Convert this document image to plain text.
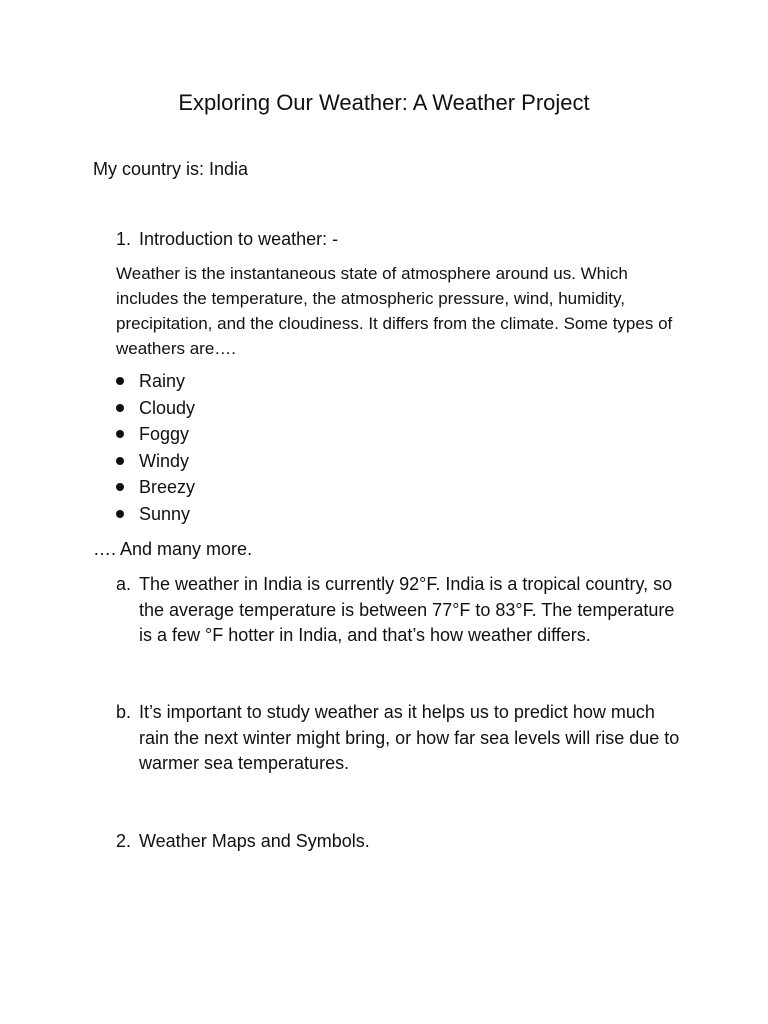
Exploring Our Weather: A Weather Project
My country is: India
1. Introduction to weather: -
Weather is the instantaneous state of atmosphere around us. Which includes the temperature, the atmospheric pressure, wind, humidity, precipitation, and the cloudiness. It differs from the climate. Some types of weathers are….
Rainy
Cloudy
Foggy
Windy
Breezy
Sunny
…. And many more.
a. The weather in India is currently 92°F. India is a tropical country, so the average temperature is between 77°F to 83°F. The temperature is a few °F hotter in India, and that’s how weather differs.
b. It’s important to study weather as it helps us to predict how much rain the next winter might bring, or how far sea levels will rise due to warmer sea temperatures.
2. Weather Maps and Symbols.
